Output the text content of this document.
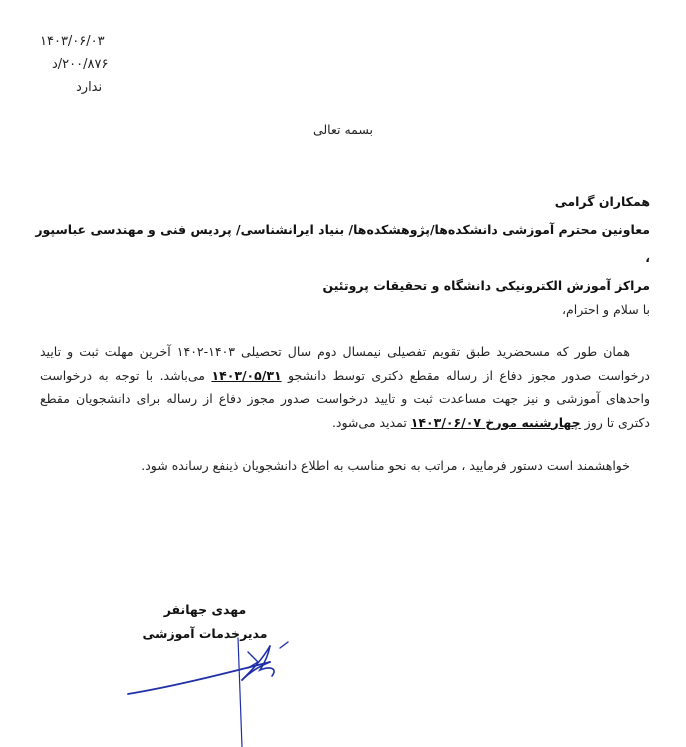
۱۴۰۳/۰۶/۰۳
۲۰۰/۸۷۶/د
ندارد
بسمه تعالی
همکاران گرامی
معاونین محترم آموزشی دانشکده‌ها/پژوهشکده‌ها/ بنیاد ایرانشناسی/ پردیس فنی و مهندسی عباسپور ،
مراکز آموزش الکترونیکی دانشگاه و تحقیقات پروتئین
با سلام و احترام،

همان طور که مسحضرید طبق تقویم تفصیلی نیمسال دوم سال تحصیلی ۱۴۰۳-۱۴۰۲ آخرین مهلت ثبت و تایید درخواست صدور مجوز دفاع از رساله مقطع دکتری توسط دانشجو ۱۴۰۳/۰۵/۳۱ می‌باشد. با توجه به درخواست واحدهای آموزشی و نیز جهت مساعدت ثبت و تایید درخواست صدور مجوز دفاع از رساله برای دانشجویان مقطع دکتری تا روز چهارشنبه مورخ ۱۴۰۳/۰۶/۰۷ تمدید می‌شود.

خواهشمند است دستور فرمایید ، مراتب به نحو مناسب به اطلاع دانشجویان ذینفع رسانده شود.
مهدی جهانفر
مدیرخدمات آموزشی
